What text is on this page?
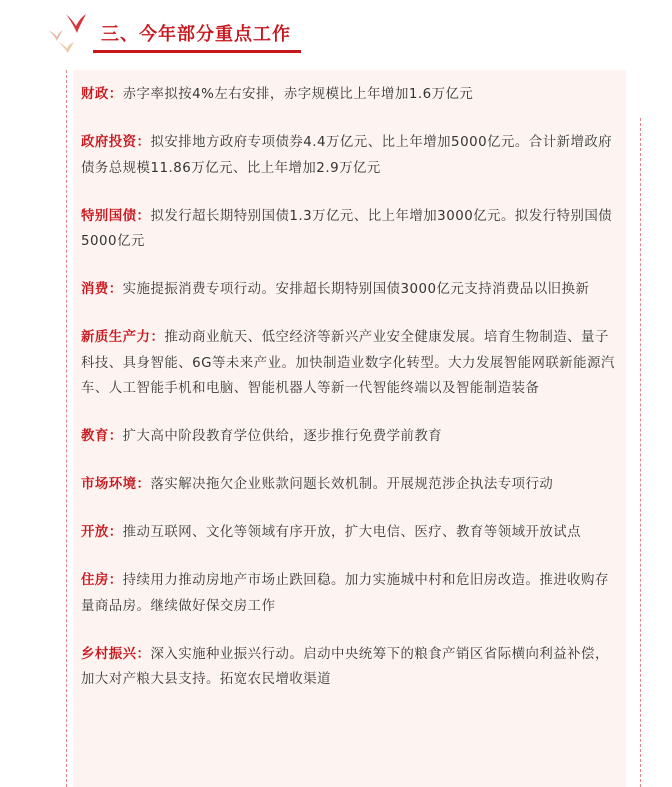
三、今年部分重点工作

财政：赤字率拟按4%左右安排，赤字规模比上年增加1.6万亿元

政府投资：拟安排地方政府专项债券4.4万亿元、比上年增加5000亿元。合计新增政府债务总规模11.86万亿元、比上年增加2.9万亿元

特别国债：拟发行超长期特别国债1.3万亿元、比上年增加3000亿元。拟发行特别国债5000亿元

消费：实施提振消费专项行动。安排超长期特别国债3000亿元支持消费品以旧换新

新质生产力：推动商业航天、低空经济等新兴产业安全健康发展。培育生物制造、量子科技、具身智能、6G等未来产业。加快制造业数字化转型。大力发展智能网联新能源汽车、人工智能手机和电脑、智能机器人等新一代智能终端以及智能制造装备

教育：扩大高中阶段教育学位供给，逐步推行免费学前教育

市场环境：落实解决拖欠企业账款问题长效机制。开展规范涉企执法专项行动

开放：推动互联网、文化等领域有序开放，扩大电信、医疗、教育等领域开放试点

住房：持续用力推动房地产市场止跌回稳。加力实施城中村和危旧房改造。推进收购存量商品房。继续做好保交房工作

乡村振兴：深入实施种业振兴行动。启动中央统筹下的粮食产销区省际横向利益补偿，加大对产粮大县支持。拓宽农民增收渠道
